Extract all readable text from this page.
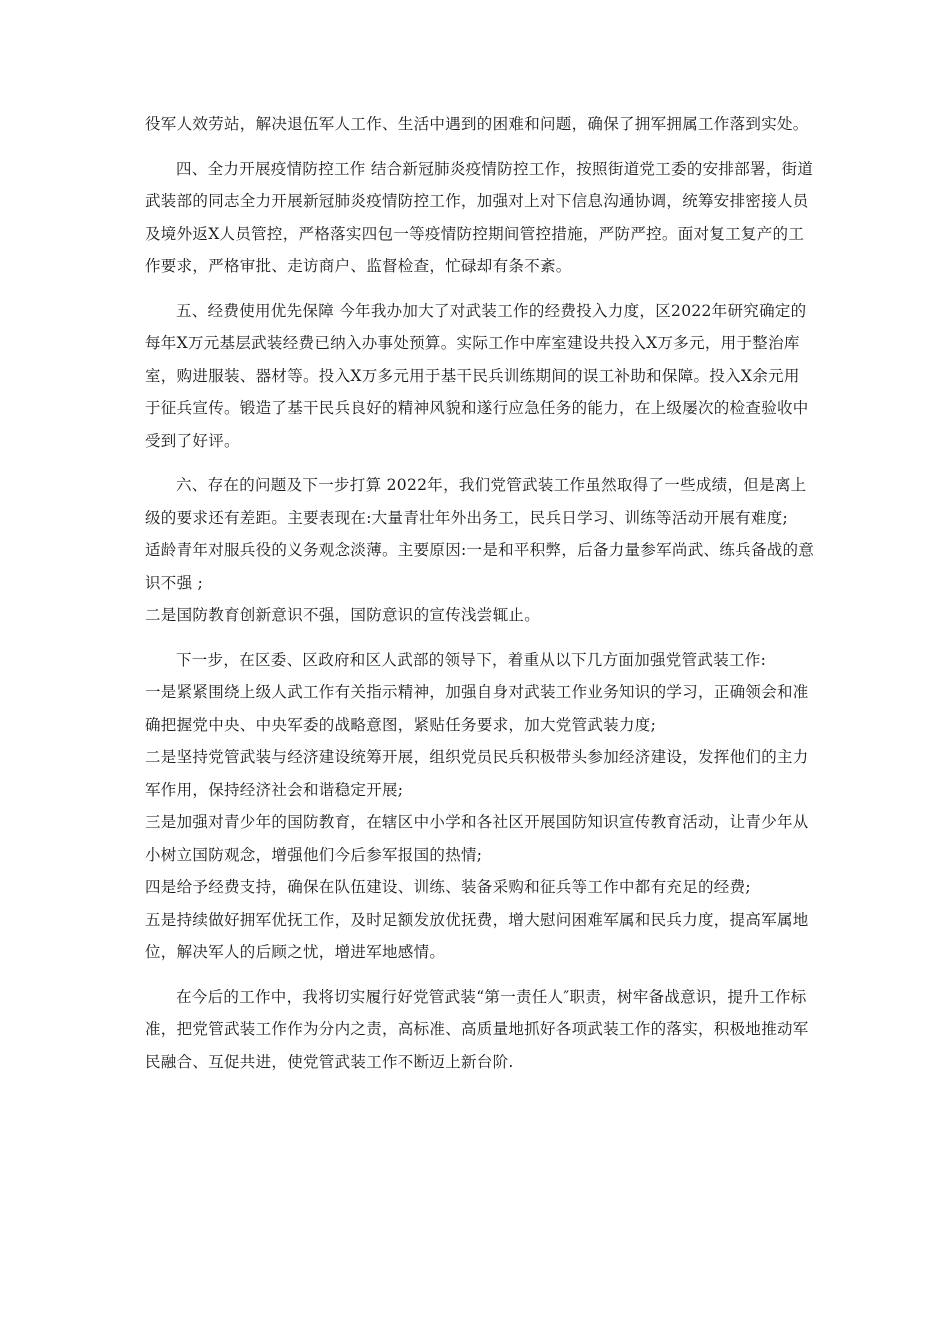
役军人效劳站，解决退伍军人工作、生活中遇到的困难和问题，确保了拥军拥属工作落到实处。

四、全力开展疫情防控工作 结合新冠肺炎疫情防控工作，按照街道党工委的安排部署，街道武装部的同志全力开展新冠肺炎疫情防控工作，加强对上对下信息沟通协调，统筹安排密接人员及境外返X人员管控，严格落实四包一等疫情防控期间管控措施，严防严控。面对复工复产的工作要求，严格审批、走访商户、监督检查，忙碌却有条不紊。

五、经费使用优先保障 今年我办加大了对武装工作的经费投入力度，区2022年研究确定的每年X万元基层武装经费已纳入办事处预算。实际工作中库室建设共投入X万多元，用于整治库室，购进服装、器材等。投入X万多元用于基干民兵训练期间的误工补助和保障。投入X余元用于征兵宣传。锻造了基干民兵良好的精神风貌和遂行应急任务的能力，在上级屡次的检查验收中受到了好评。

六、存在的问题及下一步打算 2022年，我们党管武装工作虽然取得了一些成绩，但是离上级的要求还有差距。主要表现在:大量青壮年外出务工，民兵日学习、训练等活动开展有难度;

适龄青年对服兵役的义务观念淡薄。主要原因:一是和平积弊，后备力量参军尚武、练兵备战的意识不强 ;

二是国防教育创新意识不强，国防意识的宣传浅尝辄止。

下一步，在区委、区政府和区人武部的领导下，着重从以下几方面加强党管武装工作:

一是紧紧围绕上级人武工作有关指示精神，加强自身对武装工作业务知识的学习，正确领会和准确把握党中央、中央军委的战略意图，紧贴任务要求，加大党管武装力度;

二是坚持党管武装与经济建设统筹开展，组织党员民兵积极带头参加经济建设，发挥他们的主力军作用，保持经济社会和谐稳定开展;

三是加强对青少年的国防教育，在辖区中小学和各社区开展国防知识宣传教育活动，让青少年从小树立国防观念，增强他们今后参军报国的热情;

四是给予经费支持，确保在队伍建设、训练、装备采购和征兵等工作中都有充足的经费;

五是持续做好拥军优抚工作，及时足额发放优抚费，增大慰问困难军属和民兵力度，提高军属地位，解决军人的后顾之忧，增进军地感情。

在今后的工作中，我将切实履行好党管武装“第一责任人″职责，树牢备战意识，提升工作标准，把党管武装工作作为分内之责，高标准、高质量地抓好各项武装工作的落实，积极地推动军民融合、互促共进，使党管武装工作不断迈上新台阶.
